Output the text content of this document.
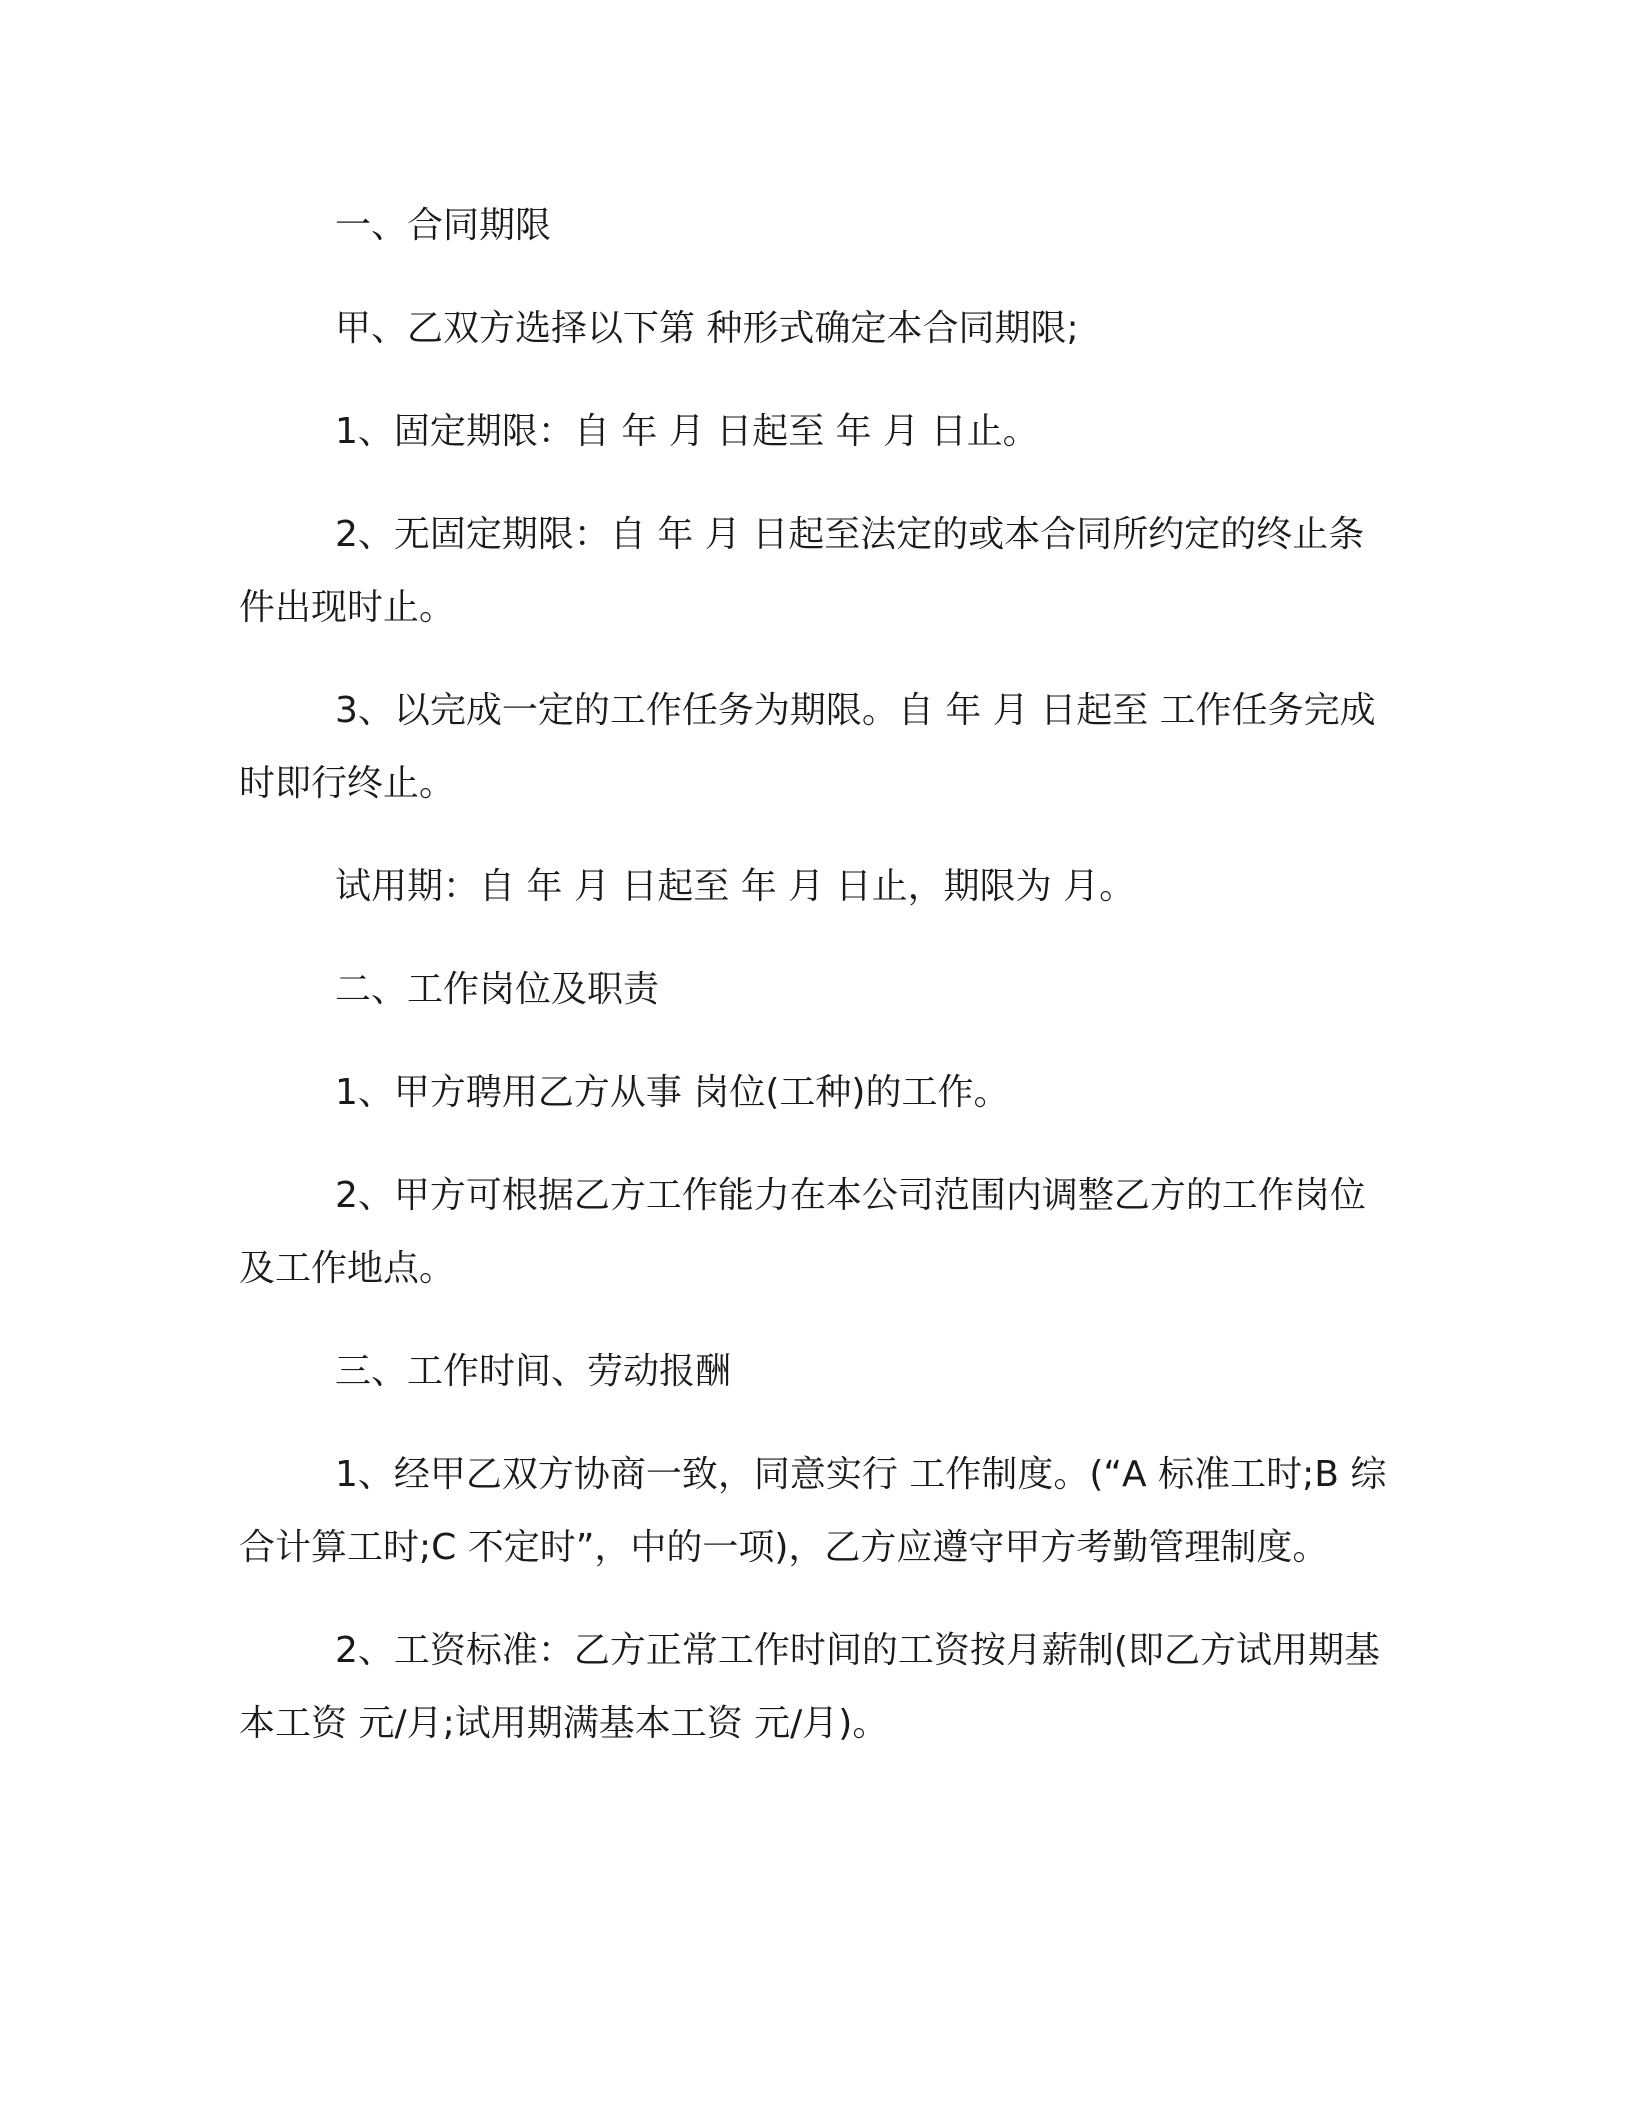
一、合同期限

甲、乙双方选择以下第 种形式确定本合同期限;

1、固定期限：自 年 月 日起至 年 月 日止。

2、无固定期限：自 年 月 日起至法定的或本合同所约定的终止条件出现时止。

3、以完成一定的工作任务为期限。自 年 月 日起至 工作任务完成时即行终止。

试用期：自 年 月 日起至 年 月 日止，期限为 月。

二、工作岗位及职责

1、甲方聘用乙方从事 岗位(工种)的工作。

2、甲方可根据乙方工作能力在本公司范围内调整乙方的工作岗位及工作地点。

三、工作时间、劳动报酬

1、经甲乙双方协商一致，同意实行 工作制度。(“A 标准工时;B 综合计算工时;C 不定时”，中的一项)，乙方应遵守甲方考勤管理制度。

2、工资标准：乙方正常工作时间的工资按月薪制(即乙方试用期基本工资 元/月;试用期满基本工资 元/月)。
